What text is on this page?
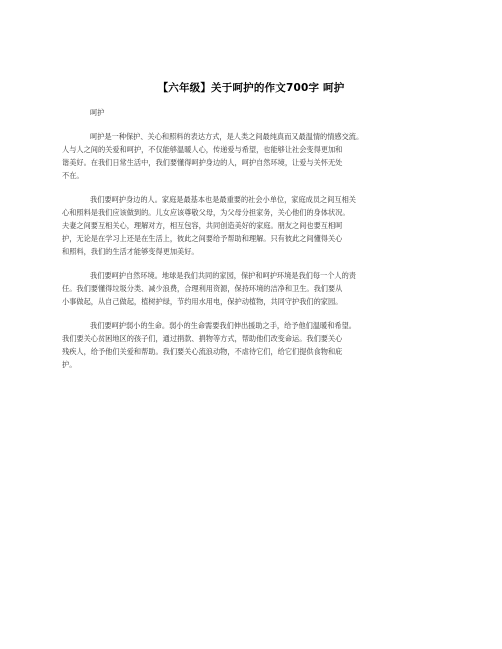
【六年级】关于呵护的作文700字 呵护
呵护
呵护是一种保护、关心和照料的表达方式，是人类之间最纯真而又最温情的情感交流。
人与人之间的关爱和呵护，不仅能够温暖人心，传递爱与希望，也能够让社会变得更加和
谐美好。在我们日常生活中，我们要懂得呵护身边的人，呵护自然环境，让爱与关怀无处
不在。
我们要呵护身边的人。家庭是最基本也是最重要的社会小单位，家庭成员之间互相关
心和照料是我们应该做到的。儿女应该尊敬父母，为父母分担家务，关心他们的身体状况。
夫妻之间要互相关心，理解对方，相互包容，共同创造美好的家庭。朋友之间也要互相呵
护，无论是在学习上还是在生活上，彼此之间要给予帮助和理解。只有彼此之间懂得关心
和照料，我们的生活才能够变得更加美好。
我们要呵护自然环境。地球是我们共同的家园，保护和呵护环境是我们每一个人的责
任。我们要懂得垃圾分类、减少浪费，合理利用资源，保持环境的洁净和卫生。我们要从
小事做起，从自己做起，植树护绿，节约用水用电，保护动植物，共同守护我们的家园。
我们要呵护弱小的生命。弱小的生命需要我们伸出援助之手，给予他们温暖和希望。
我们要关心贫困地区的孩子们，通过捐款、捐物等方式，帮助他们改变命运。我们要关心
残疾人，给予他们关爱和帮助。我们要关心流浪动物，不虐待它们，给它们提供食物和庇
护。
